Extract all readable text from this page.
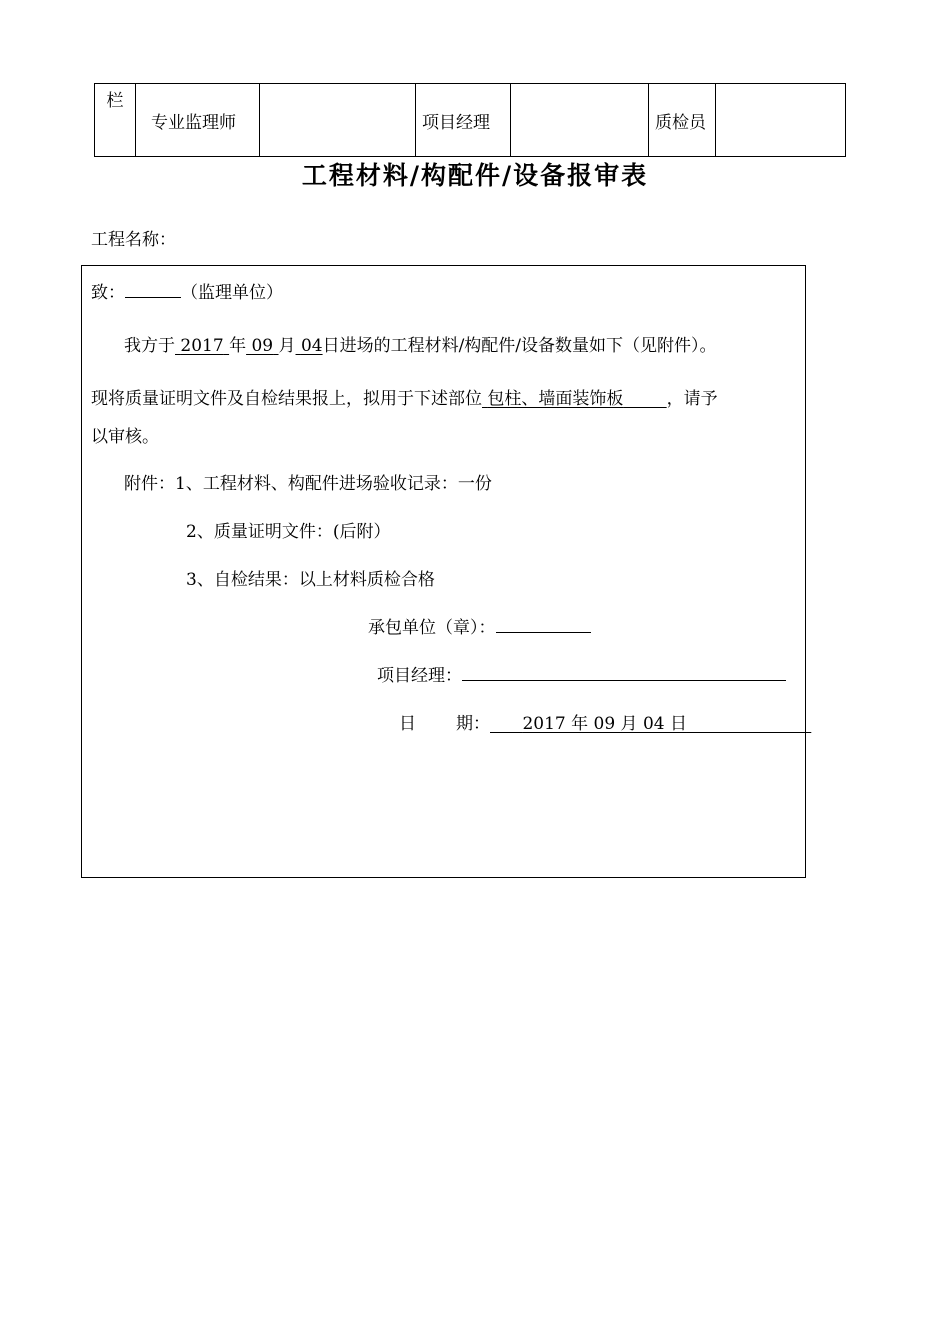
栏	专业监理师		项目经理		质检员	
工程材料/构配件/设备报审表
工程名称：
致：	（监理单位）
我方于 2017 年 09 月 04日进场的工程材料/构配件/设备数量如下（见附件）。
现将质量证明文件及自检结果报上，拟用于下述部位 包柱、墙面装饰板	，请予
以审核。
附件：1、工程材料、构配件进场验收记录：一份
2、质量证明文件：(后附）
3、自检结果：以上材料质检合格
承包单位（章）：
项目经理：
日 期： 2017 年 09 月 04 日
